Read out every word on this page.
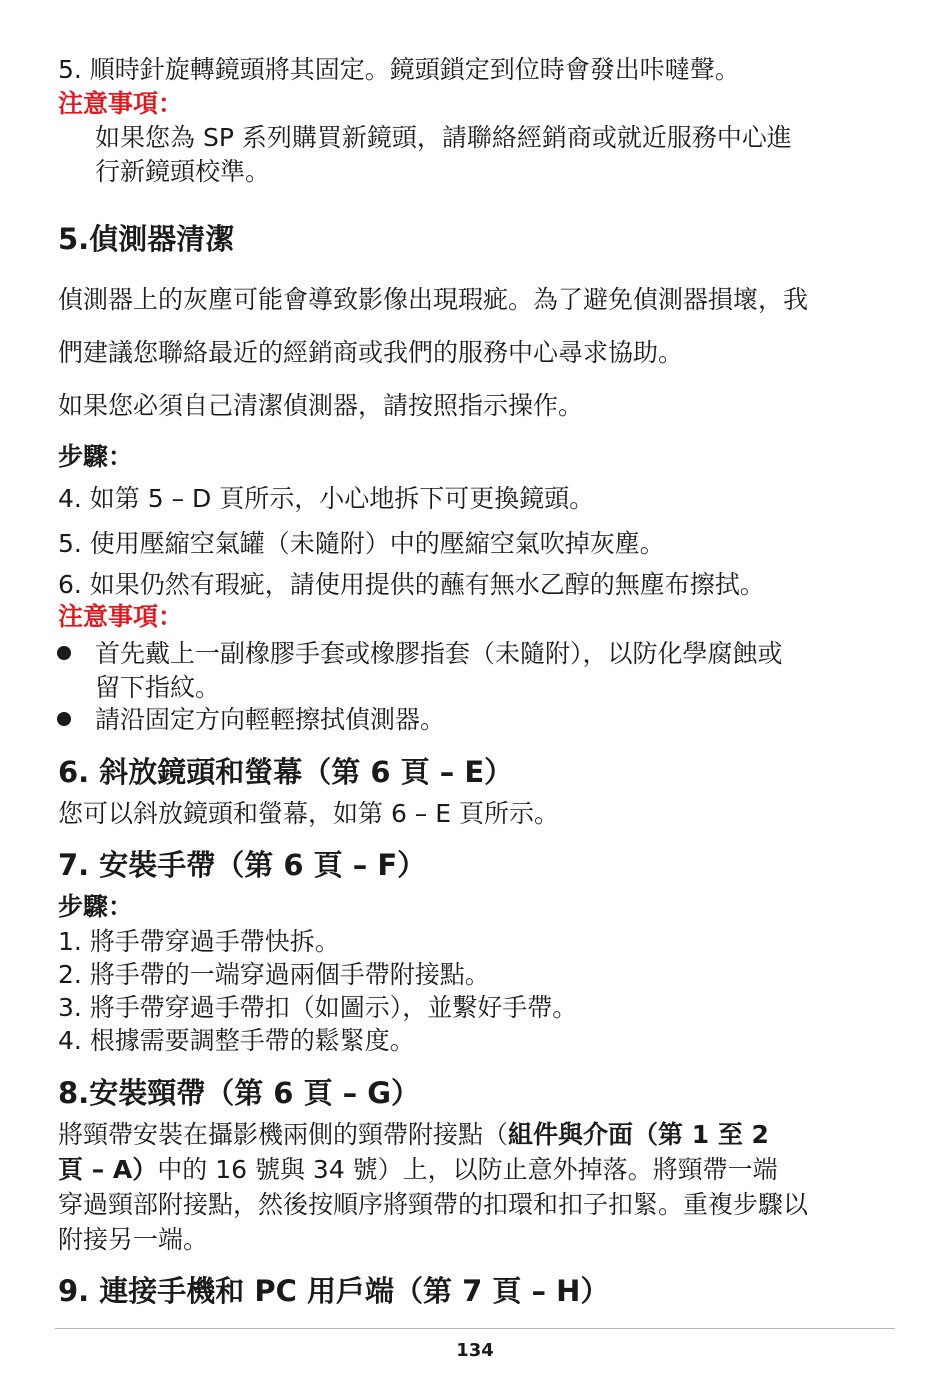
5. 順時針旋轉鏡頭將其固定。鏡頭鎖定到位時會發出咔噠聲。
注意事項：
如果您為 SP 系列購買新鏡頭，請聯絡經銷商或就近服務中心進
行新鏡頭校準。
5.偵測器清潔
偵測器上的灰塵可能會導致影像出現瑕疵。為了避免偵測器損壞，我
們建議您聯絡最近的經銷商或我們的服務中心尋求協助。
如果您必須自己清潔偵測器，請按照指示操作。
步驟：
4. 如第 5 – D 頁所示，小心地拆下可更換鏡頭。
5. 使用壓縮空氣罐（未隨附）中的壓縮空氣吹掉灰塵。
6. 如果仍然有瑕疵，請使用提供的蘸有無水乙醇的無塵布擦拭。
注意事項：
首先戴上一副橡膠手套或橡膠指套（未隨附），以防化學腐蝕或
留下指紋。
請沿固定方向輕輕擦拭偵測器。
6. 斜放鏡頭和螢幕（第 6 頁 – E）
您可以斜放鏡頭和螢幕，如第 6 – E 頁所示。
7. 安裝手帶（第 6 頁 – F）
步驟：
1. 將手帶穿過手帶快拆。
2. 將手帶的一端穿過兩個手帶附接點。
3. 將手帶穿過手帶扣（如圖示），並繫好手帶。
4. 根據需要調整手帶的鬆緊度。
8.安裝頸帶（第 6 頁 – G）
將頸帶安裝在攝影機兩側的頸帶附接點（組件與介面（第 1 至 2
頁 – A）中的 16 號與 34 號）上，以防止意外掉落。將頸帶一端
穿過頸部附接點，然後按順序將頸帶的扣環和扣子扣緊。重複步驟以
附接另一端。
9. 連接手機和 PC 用戶端（第 7 頁 – H）
134
